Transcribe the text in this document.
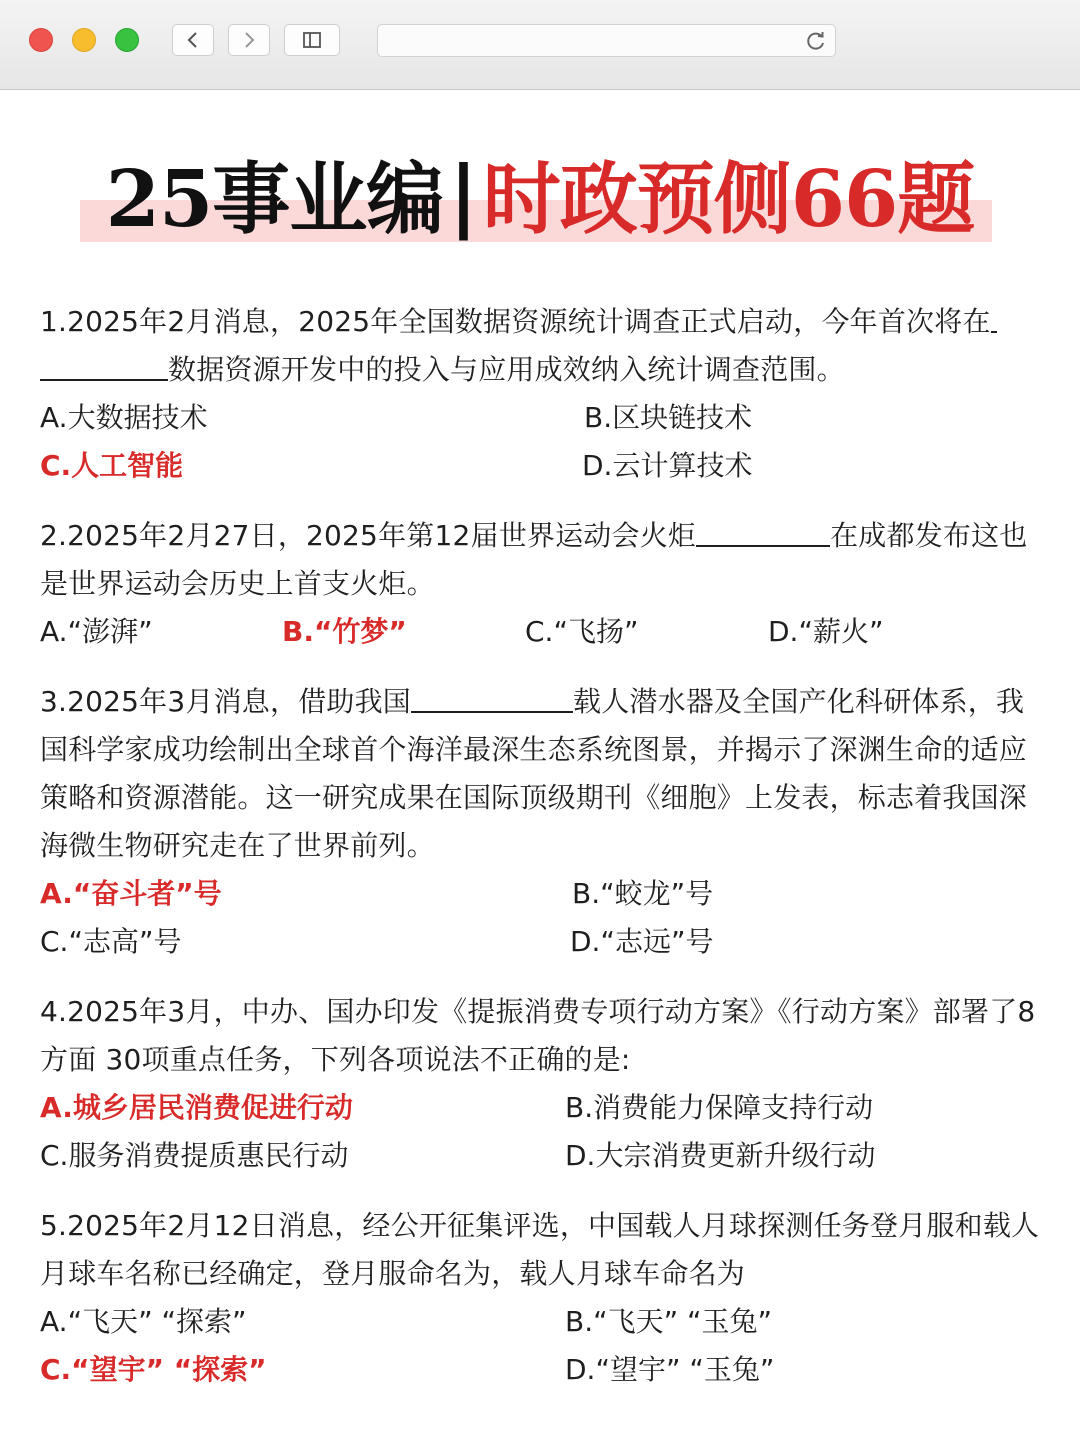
25事业编|时政预侧66题
1.2025年2月消息，2025年全国数据资源统计调查正式启动，今年首次将在
数据资源开发中的投入与应用成效纳入统计调查范围。
A.大数据技术	B.区块链技术
C.人工智能	D.云计算技术
2.2025年2月27日，2025年第12届世界运动会火炬	在成都发布这也是世界运动会历史上首支火炬。
A.“澎湃”	B.“竹梦”	C.“飞扬”	D.“薪火”
3.2025年3月消息，借助我国	载人潜水器及全国产化科研体系，我国科学家成功绘制出全球首个海洋最深生态系统图景，并揭示了深渊生命的适应策略和资源潜能。这一研究成果在国际顶级期刊《细胞》上发表，标志着我国深海微生物研究走在了世界前列。
A.“奋斗者”号	B.“蛟龙”号
C.“志高”号	D.“志远”号
4.2025年3月，中办、国办印发《提振消费专项行动方案》《行动方案》部署了8方面 30项重点任务，下列各项说法不正确的是:
A.城乡居民消费促进行动	B.消费能力保障支持行动
C.服务消费提质惠民行动	D.大宗消费更新升级行动
5.2025年2月12日消息，经公开征集评选，中国载人月球探测任务登月服和载人月球车名称已经确定，登月服命名为，载人月球车命名为
A.“飞天” “探索”	B.“飞天” “玉兔”
C.“望宇” “探索”	D.“望宇” “玉兔”
